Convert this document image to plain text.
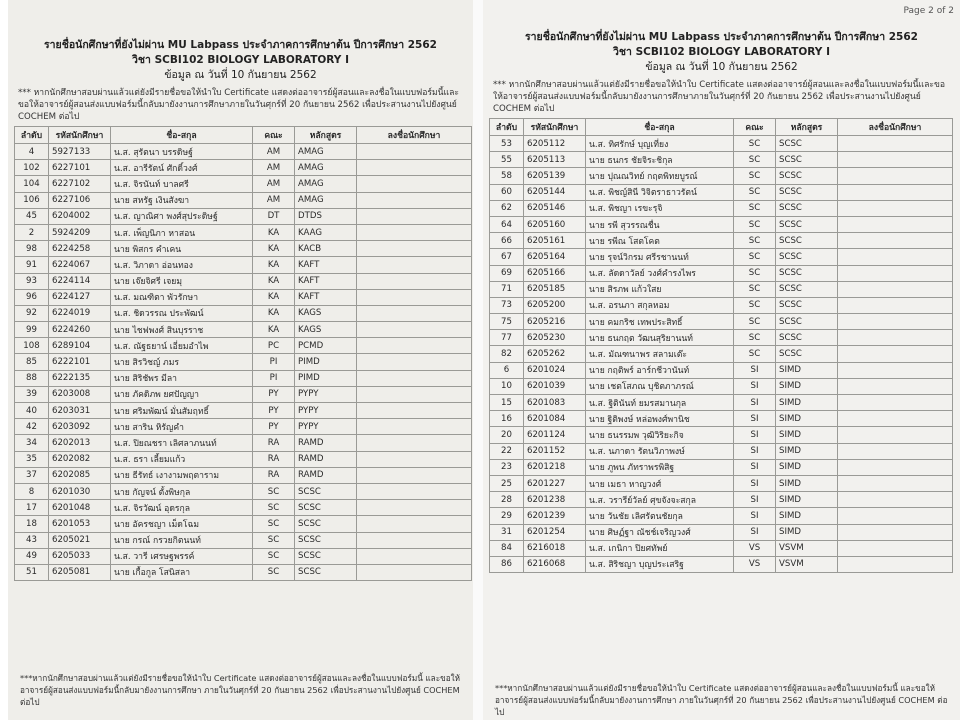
รายชื่อนักศึกษาที่ยังไม่ผ่าน MU Labpass ประจำภาคการศึกษาต้น ปีการศึกษา 2562
วิชา SCBI102 BIOLOGY LABORATORY I
ข้อมูล ณ วันที่ 10 กันยายน 2562
*** หากนักศึกษาสอบผ่านแล้วแต่ยังมีรายชื่อขอให้นำใบ Certificate แสดงต่ออาจารย์ผู้สอนและลงชื่อในแบบฟอร์มนี้และขอให้อาจารย์ผู้สอนส่งแบบฟอร์มนี้กลับมายังงานการศึกษาภายในวันศุกร์ที่ 20 กันยายน 2562 เพื่อประสานงานไปยังศูนย์ COCHEM ต่อไป
ลำดับ	รหัสนักศึกษา	ชื่อ-สกุล	คณะ	หลักสูตร	ลงชื่อนักศึกษา
4	5927133	น.ส. สุรัตนา บรรดิษฐ์	AM	AMAG	
102	6227101	น.ส. อารีรัตน์ ศักดิ์วงศ์	AM	AMAG	
104	6227102	น.ส. จิรนันท์ บาลศรี	AM	AMAG	
106	6227106	นาย สหรัฐ เงินสังฆา	AM	AMAG	
45	6204002	น.ส. ญาณิศา พงศ์สุประดิษฐ์	DT	DTDS	
2	5924209	น.ส. เพ็ญนิภา หาสอน	KA	KAAG	
98	6224258	นาย พิสกร คำเคน	KA	KACB	
91	6224067	น.ส. วิภาดา อ่อนทอง	KA	KAFT	
93	6224114	นาย เจ๊ยจิศรี เจยมุ	KA	KAFT	
96	6224127	น.ส. มณฑิตา พัวรักษา	KA	KAFT	
92	6224019	น.ส. ชิดวรรณ ประพัฒน์	KA	KAGS	
99	6224260	นาย ไชฟพงศ์ สินบุรราช	KA	KAGS	
108	6289104	น.ส. ณัฐธยาน์ เอี่ยมอำไพ	PC	PCMD	
85	6222101	นาย สิรวิชญ์ ภมร	PI	PIMD	
88	6222135	นาย สิริชัพร มีลา	PI	PIMD	
39	6203008	นาย ภัคดิภพ ยศปัญญา	PY	PYPY	
40	6203031	นาย ศริมพัฒน์ มั่นสัมฤทธิ์	PY	PYPY	
42	6203092	นาย สาริน หิรัญคำ	PY	PYPY	
34	6202013	น.ส. ปิยณชรา เลิศลาภนนท์	RA	RAMD	
35	6202082	น.ส. ธรา เลี้ยมแก้ว	RA	RAMD	
37	6202085	นาย ธีรัทธ์ เงางามพฤตาราม	RA	RAMD	
8	6201030	นาย กัญจน์ ตั้งพิษกุล	SC	SCSC	
17	6201048	น.ส. จิรวัฒน์ อุดรกุล	SC	SCSC	
18	6201053	นาย อัครชญา เม็ดโฉม	SC	SCSC	
43	6205021	นาย กรณ์ กรวยกิตนนท์	SC	SCSC	
49	6205033	น.ส. วารี เศรษฐพรรค์	SC	SCSC	
51	6205081	นาย เกื้อกูล โสนิสลา	SC	SCSC	
***หากนักศึกษาสอบผ่านแล้วแต่ยังมีรายชื่อขอให้นำใบ Certificate แสดงต่ออาจารย์ผู้สอนและลงชื่อในแบบฟอร์มนี้ และขอให้อาจารย์ผู้สอนส่งแบบฟอร์มนี้กลับมายังงานการศึกษา ภายในวันศุกร์ที่ 20 กันยายน 2562 เพื่อประสานงานไปยังศูนย์ COCHEM ต่อไป
Page 2 of 2
รายชื่อนักศึกษาที่ยังไม่ผ่าน MU Labpass ประจำภาคการศึกษาต้น ปีการศึกษา 2562
วิชา SCBI102 BIOLOGY LABORATORY I
ข้อมูล ณ วันที่ 10 กันยายน 2562
*** หากนักศึกษาสอบผ่านแล้วแต่ยังมีรายชื่อขอให้นำใบ Certificate แสดงต่ออาจารย์ผู้สอนและลงชื่อในแบบฟอร์มนี้และขอให้อาจารย์ผู้สอนส่งแบบฟอร์มนี้กลับมายังงานการศึกษาภายในวันศุกร์ที่ 20 กันยายน 2562 เพื่อประสานงานไปยังศูนย์ COCHEM ต่อไป
ลำดับ	รหัสนักศึกษา	ชื่อ-สกุล	คณะ	หลักสูตร	ลงชื่อนักศึกษา
53	6205112	น.ส. ทิศรักษ์ บุญเที่ยง	SC	SCSC	
55	6205113	นาย ธนกร ชัยจิระชิกุล	SC	SCSC	
58	6205139	นาย ปุณณวิทย์ กฤตพิทยบูรณ์	SC	SCSC	
60	6205144	น.ส. พิชญ์สินี วิจิตราธาวรัตน์	SC	SCSC	
62	6205146	น.ส. พิชญา เรขะรุจิ	SC	SCSC	
64	6205160	นาย รพี สุวรรณชื่น	SC	SCSC	
66	6205161	นาย รพีณ โสตโคต	SC	SCSC	
67	6205164	นาย รุจน์วิกรม ศรีรชานนท์	SC	SCSC	
69	6205166	น.ส. ลัดดาวัลย์ วงศ์คำรงไพร	SC	SCSC	
71	6205185	นาย สิรภพ แก้วใสย	SC	SCSC	
73	6205200	น.ส. อรนภา สกุลหอม	SC	SCSC	
75	6205216	นาย คมกริช เทพประสิทธิ์	SC	SCSC	
77	6205230	นาย ธนกฤต วัฒนสุริยานนท์	SC	SCSC	
82	6205262	น.ส. มัณฑนาพร สลามเต๊ะ	SC	SCSC	
6	6201024	นาย กฤติพร์ อาร์กชีวานันท์	SI	SIMD	
10	6201039	นาย เชตโสภณ บุชิตภาภรณ์	SI	SIMD	
15	6201083	น.ส. ฐิตินันท์ ยมรสมานกุล	SI	SIMD	
16	6201084	นาย ฐิติพงษ์ หล่อพงศ์พานิช	SI	SIMD	
20	6201124	นาย ธนรรมพ วุฒิวิริยะกิจ	SI	SIMD	
22	6201152	น.ส. นภาดา รัตนวิภาพงษ์	SI	SIMD	
23	6201218	นาย ภูพน ภัทราพรพิสิฐ	SI	SIMD	
25	6201227	นาย เมธา หาญวงศ์	SI	SIMD	
28	6201238	น.ส. วรารีย์วัลย์ ศุขจังจะสกุล	SI	SIMD	
29	6201239	นาย วันชัย เลิศรัตนชัยกุล	SI	SIMD	
31	6201254	นาย ศิษฏ์ฐา ณัชช์เจริญวงศ์	SI	SIMD	
84	6216018	น.ส. เกนิกา ปิยศทัพย์	VS	VSVM	
86	6216068	น.ส. สิริชญา บุญประเสริฐ	VS	VSVM	
***หากนักศึกษาสอบผ่านแล้วแต่ยังมีรายชื่อขอให้นำใบ Certificate แสดงต่ออาจารย์ผู้สอนและลงชื่อในแบบฟอร์มนี้ และขอให้อาจารย์ผู้สอนส่งแบบฟอร์มนี้กลับมายังงานการศึกษา ภายในวันศุกร์ที่ 20 กันยายน 2562 เพื่อประสานงานไปยังศูนย์ COCHEM ต่อไป
